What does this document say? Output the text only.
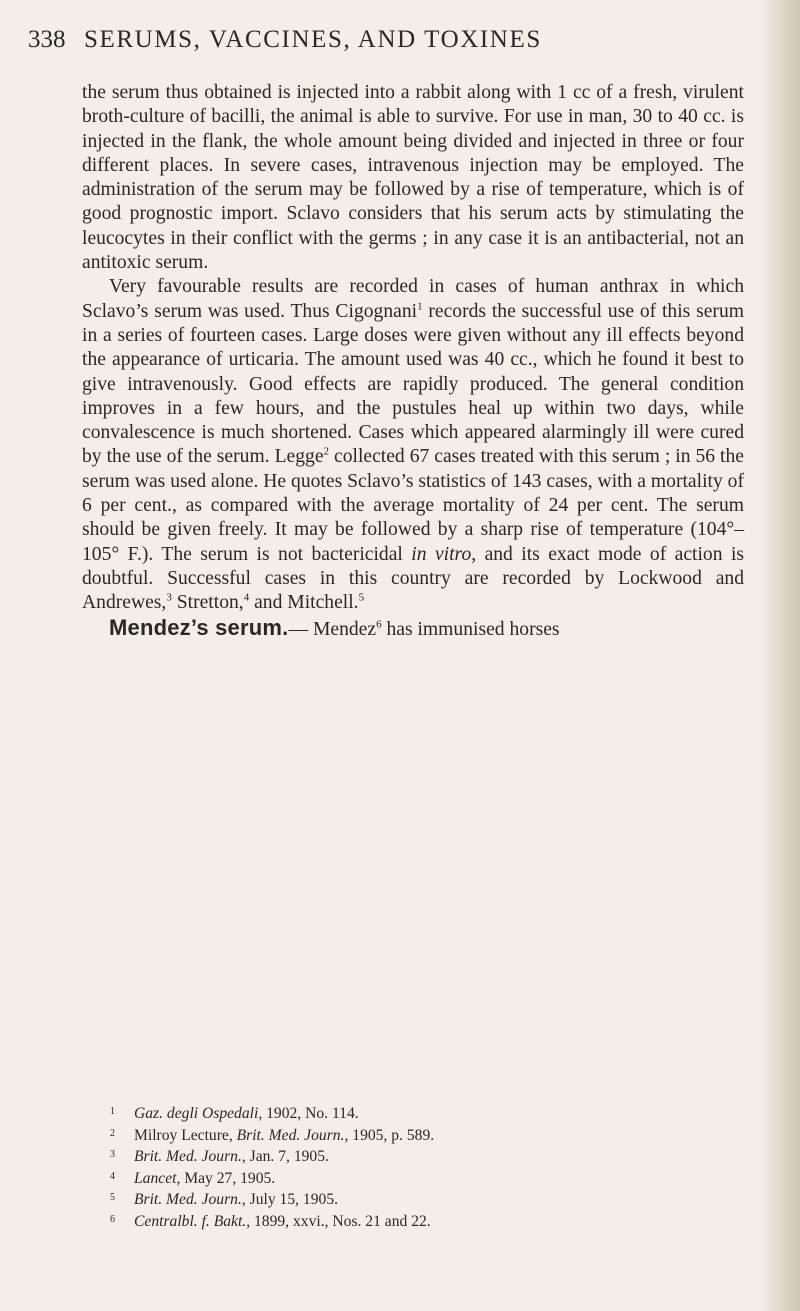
338 SERUMS, VACCINES, AND TOXINES

the serum thus obtained is injected into a rabbit along with 1 cc of a fresh, virulent broth-culture of bacilli, the animal is able to survive. For use in man, 30 to 40 cc. is injected in the flank, the whole amount being divided and injected in three or four different places. In severe cases, intravenous injection may be employed. The administration of the serum may be followed by a rise of temperature, which is of good prognostic import. Sclavo considers that his serum acts by stimulating the leucocytes in their conflict with the germs ; in any case it is an antibacterial, not an antitoxic serum.

Very favourable results are recorded in cases of human anthrax in which Sclavo’s serum was used. Thus Cigognani$^1$ records the successful use of this serum in a series of fourteen cases. Large doses were given without any ill effects beyond the appearance of urticaria. The amount used was 40 cc., which he found it best to give intravenously. Good effects are rapidly produced. The general condition improves in a few hours, and the pustules heal up within two days, while convalescence is much shortened. Cases which appeared alarmingly ill were cured by the use of the serum. Legge$^2$ collected 67 cases treated with this serum ; in 56 the serum was used alone. He quotes Sclavo’s statistics of 143 cases, with a mortality of 6 per cent., as compared with the average mortality of 24 per cent. The serum should be given freely. It may be followed by a sharp rise of temperature (104°–105° F.). The serum is not bactericidal in vitro, and its exact mode of action is doubtful. Successful cases in this country are recorded by Lockwood and Andrewes,$^3$ Stretton,$^4$ and Mitchell.$^5$

Mendez’s serum.— Mendez$^6$ has immunised horses

1 Gaz. degli Ospedali, 1902, No. 114.
2 Milroy Lecture, Brit. Med. Journ., 1905, p. 589.
3 Brit. Med. Journ., Jan. 7, 1905.
4 Lancet, May 27, 1905.
5 Brit. Med. Journ., July 15, 1905.
6 Centralbl. f. Bakt., 1899, xxvi., Nos. 21 and 22.
